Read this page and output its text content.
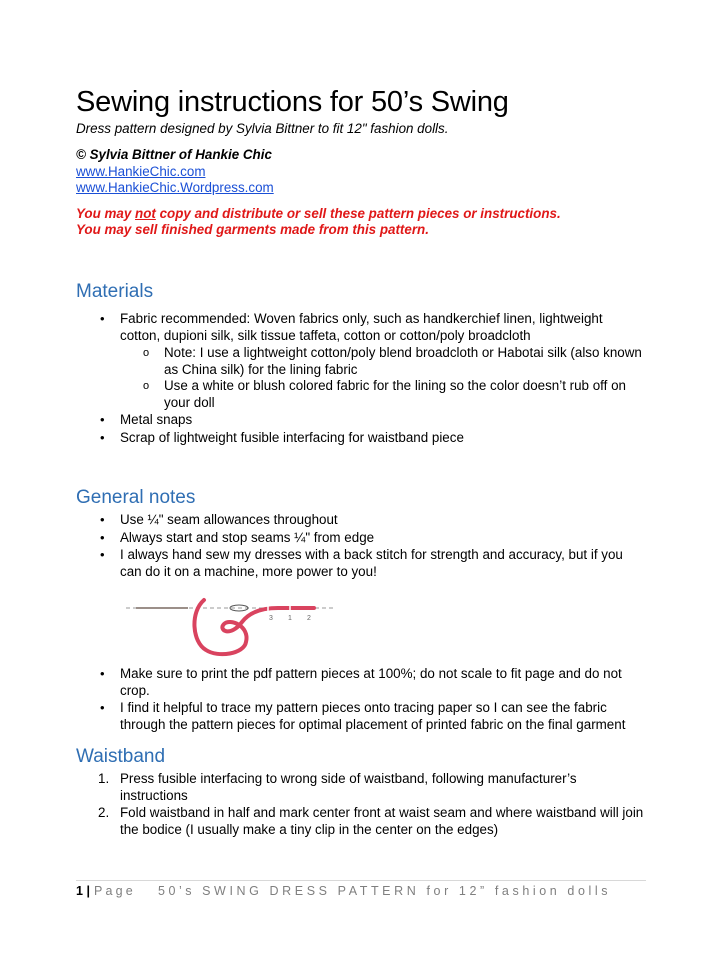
Sewing instructions for 50’s Swing
Dress pattern designed by Sylvia Bittner to fit 12" fashion dolls.
© Sylvia Bittner of Hankie Chic
www.HankieChic.com
www.HankieChic.Wordpress.com
You may not copy and distribute or sell these pattern pieces or instructions.
You may sell finished garments made from this pattern.
Materials
• Fabric recommended: Woven fabrics only, such as handkerchief linen, lightweight
cotton, dupioni silk, silk tissue taffeta, cotton or cotton/poly broadcloth
o Note: I use a lightweight cotton/poly blend broadcloth or Habotai silk (also known
as China silk) for the lining fabric
o Use a white or blush colored fabric for the lining so the color doesn’t rub off on
your doll
• Metal snaps
• Scrap of lightweight fusible interfacing for waistband piece
General notes
• Use ¼" seam allowances throughout
• Always start and stop seams ¼" from edge
• I always hand sew my dresses with a back stitch for strength and accuracy, but if you
can do it on a machine, more power to you!
3 1 2
• Make sure to print the pdf pattern pieces at 100%; do not scale to fit page and do not
crop.
• I find it helpful to trace my pattern pieces onto tracing paper so I can see the fabric
through the pattern pieces for optimal placement of printed fabric on the final garment
Waistband
1. Press fusible interfacing to wrong side of waistband, following manufacturer’s
instructions
2. Fold waistband in half and mark center front at waist seam and where waistband will join
the bodice (I usually make a tiny clip in the center on the edges)
1 | Page 50’s SWING DRESS PATTERN for 12” fashion dolls
